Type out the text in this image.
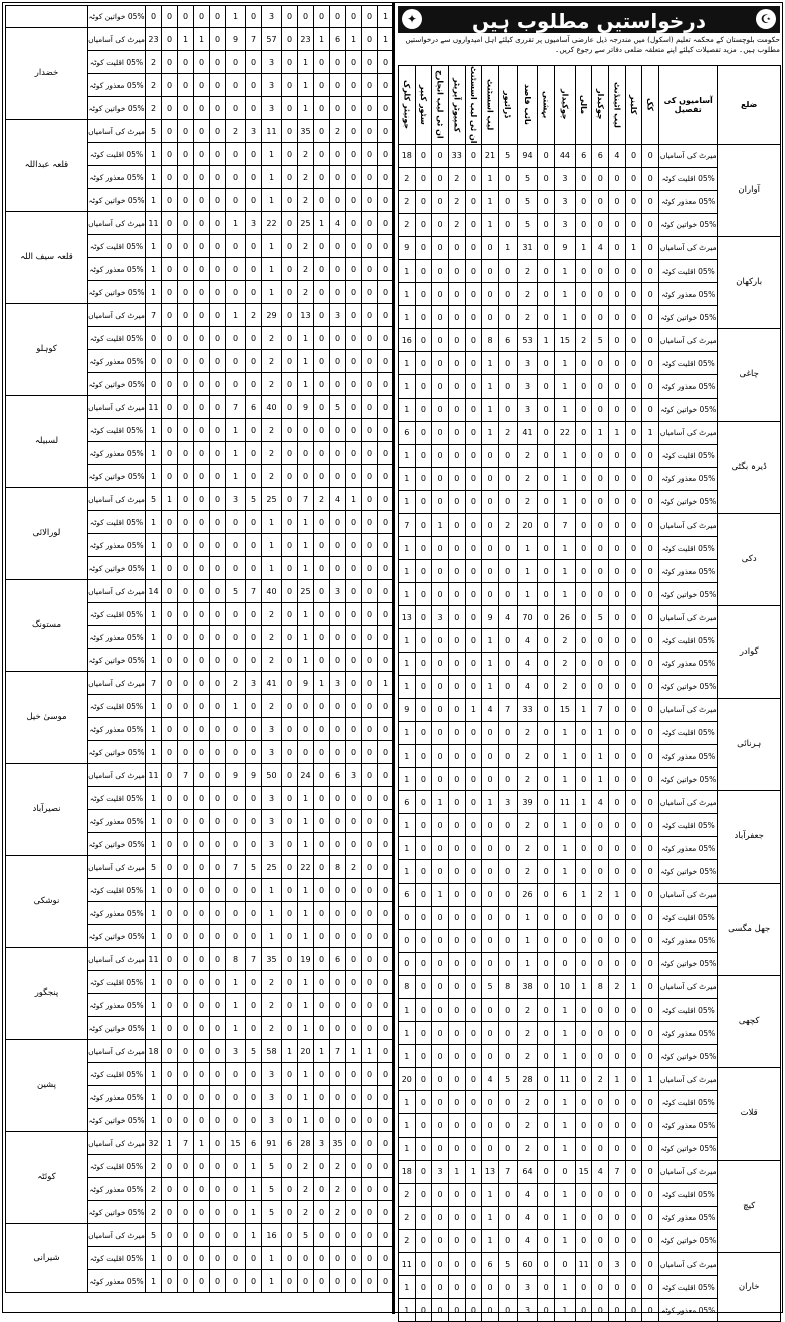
	05% خواتین کوٹہ	0	0	0	0	0	1	0	3	0	0	0	0	0	0	1
خضدار	میرٹ کی آسامیاں	23	0	1	1	0	9	7	57	0	23	1	6	1	0	1
	05% اقلیت کوٹہ	2	0	0	0	0	0	0	3	0	1	0	0	0	0	0
	05% معذور کوٹہ	2	0	0	0	0	0	0	3	0	1	0	0	0	0	0
	05% خواتین کوٹہ	2	0	0	0	0	0	0	3	0	1	0	0	0	0	0
قلعہ عبداللہ	میرٹ کی آسامیاں	5	0	0	0	0	2	3	11	0	35	0	2	0	0	0
	05% اقلیت کوٹہ	1	0	0	0	0	0	0	1	0	2	0	0	0	0	0
	05% معذور کوٹہ	1	0	0	0	0	0	0	1	0	2	0	0	0	0	0
	05% خواتین کوٹہ	1	0	0	0	0	0	0	1	0	2	0	0	0	0	0
قلعہ سیف اللہ	میرٹ کی آسامیاں	11	0	0	0	0	1	3	22	0	25	1	4	0	0	0
	05% اقلیت کوٹہ	1	0	0	0	0	0	0	1	0	2	0	0	0	0	0
	05% معذور کوٹہ	1	0	0	0	0	0	0	1	0	2	0	0	0	0	0
	05% خواتین کوٹہ	1	0	0	0	0	0	0	1	0	2	0	0	0	0	0
کوہلو	میرٹ کی آسامیاں	7	0	0	0	0	1	2	29	0	13	0	3	0	0	0
	05% اقلیت کوٹہ	0	0	0	0	0	0	0	2	0	1	0	0	0	0	0
	05% معذور کوٹہ	0	0	0	0	0	0	0	2	0	1	0	0	0	0	0
	05% خواتین کوٹہ	0	0	0	0	0	0	0	2	0	1	0	0	0	0	0
لسبیلہ	میرٹ کی آسامیاں	11	0	0	0	0	7	6	40	0	9	0	5	0	0	0
	05% اقلیت کوٹہ	1	0	0	0	0	1	0	2	0	0	0	0	0	0	0
	05% معذور کوٹہ	1	0	0	0	0	1	0	2	0	0	0	0	0	0	0
	05% خواتین کوٹہ	1	0	0	0	0	1	0	2	0	0	0	0	0	0	0
لورالائی	میرٹ کی آسامیاں	5	1	0	0	0	3	5	25	0	7	2	4	1	0	0
	05% اقلیت کوٹہ	1	0	0	0	0	0	0	1	0	1	0	0	0	0	0
	05% معذور کوٹہ	1	0	0	0	0	0	0	1	0	1	0	0	0	0	0
	05% خواتین کوٹہ	1	0	0	0	0	0	0	1	0	1	0	0	0	0	0
مستونگ	میرٹ کی آسامیاں	14	0	0	0	0	5	7	40	0	25	0	3	0	0	0
	05% اقلیت کوٹہ	1	0	0	0	0	0	0	2	0	1	0	0	0	0	0
	05% معذور کوٹہ	1	0	0	0	0	0	0	2	0	1	0	0	0	0	0
	05% خواتین کوٹہ	1	0	0	0	0	0	0	2	0	1	0	0	0	0	0
موسیٰ خیل	میرٹ کی آسامیاں	7	0	0	0	0	2	3	41	0	9	1	3	0	0	1
	05% اقلیت کوٹہ	1	0	0	0	0	1	0	2	0	0	0	0	0	0	0
	05% معذور کوٹہ	1	0	0	0	0	0	0	3	0	0	0	0	0	0	0
	05% خواتین کوٹہ	1	0	0	0	0	0	0	3	0	0	0	0	0	0	0
نصیرآباد	میرٹ کی آسامیاں	11	0	7	0	0	9	9	50	0	24	0	6	3	0	0
	05% اقلیت کوٹہ	1	0	0	0	0	0	0	3	0	1	0	0	0	0	0
	05% معذور کوٹہ	1	0	0	0	0	0	0	3	0	1	0	0	0	0	0
	05% خواتین کوٹہ	1	0	0	0	0	0	0	3	0	1	0	0	0	0	0
نوشکی	میرٹ کی آسامیاں	5	0	0	0	0	7	5	25	0	22	0	8	2	0	0
	05% اقلیت کوٹہ	1	0	0	0	0	0	0	1	0	1	0	0	0	0	0
	05% معذور کوٹہ	1	0	0	0	0	0	0	1	0	1	0	0	0	0	0
	05% خواتین کوٹہ	1	0	0	0	0	0	0	1	0	1	0	0	0	0	0
پنجگور	میرٹ کی آسامیاں	11	0	0	0	0	8	7	35	0	19	0	6	0	0	0
	05% اقلیت کوٹہ	1	0	0	0	0	1	0	2	0	1	0	0	0	0	0
	05% معذور کوٹہ	1	0	0	0	0	1	0	2	0	1	0	0	0	0	0
	05% خواتین کوٹہ	1	0	0	0	0	1	0	2	0	1	0	0	0	0	0
پشین	میرٹ کی آسامیاں	18	0	0	0	0	3	5	58	1	20	1	7	1	1	0
	05% اقلیت کوٹہ	1	0	0	0	0	0	0	3	0	1	0	0	0	0	0
	05% معذور کوٹہ	1	0	0	0	0	0	0	3	0	1	0	0	0	0	0
	05% خواتین کوٹہ	1	0	0	0	0	0	0	3	0	1	0	0	0	0	0
کوئٹہ	میرٹ کی آسامیاں	32	1	7	1	0	15	6	91	6	28	3	35	0	0	0
	05% اقلیت کوٹہ	2	0	0	0	0	0	1	5	0	2	0	2	0	0	0
	05% معذور کوٹہ	2	0	0	0	0	0	1	5	0	2	0	2	0	0	0
	05% خواتین کوٹہ	2	0	0	0	0	0	1	5	0	2	0	2	0	0	0
شیرانی	میرٹ کی آسامیاں	5	0	0	0	0	0	1	16	0	5	0	0	0	0	0
	05% اقلیت کوٹہ	1	0	0	0	0	0	0	1	0	0	0	0	0	0	0
	05% معذور کوٹہ	1	0	0	0	0	0	0	1	0	0	0	0	0	0	0
☪
درخواستیں مطلوب ہیں
✦
حکومت بلوچستان کے محکمہ تعلیم (اسکول) میں مندرجہ ذیل عارضی آسامیوں پر تقرری کیلئے اہل امیدواروں سے درخواستیں مطلوب ہیں۔ مزید تفصیلات کیلئے اپنے متعلقہ ضلعی دفاتر سے رجوع کریں۔
جونیئر کلرک	سٹور کیپر	ان ٹی لیب انچارج	کمپیوٹر آپریٹر	ان ٹی لیب اسسٹنٹ	لیب اسسٹنٹ	ڈرائیور	نائب قاصد	بہشتی	چوکیدار	مالی	چوکیدار	لیب اٹینڈنٹ	کلینر	کک	آسامیوں کی تفصیل	ضلع
18	0	0	33	0	21	5	94	0	44	6	6	4	0	0	میرٹ کی آسامیاں	آواران
2	0	0	2	0	1	0	5	0	3	0	0	0	0	0	05% اقلیت کوٹہ	
2	0	0	2	0	1	0	5	0	3	0	0	0	0	0	05% معذور کوٹہ	
2	0	0	2	0	1	0	5	0	3	0	0	0	0	0	05% خواتین کوٹہ	
9	0	0	0	0	0	1	31	0	9	1	4	0	1	0	میرٹ کی آسامیاں	بارکھان
1	0	0	0	0	0	0	2	0	1	0	0	0	0	0	05% اقلیت کوٹہ	
1	0	0	0	0	0	0	2	0	1	0	0	0	0	0	05% معذور کوٹہ	
1	0	0	0	0	0	0	2	0	1	0	0	0	0	0	05% خواتین کوٹہ	
16	0	0	0	0	8	6	53	1	15	2	5	0	0	0	میرٹ کی آسامیاں	چاغی
1	0	0	0	0	1	0	3	0	1	0	0	0	0	0	05% اقلیت کوٹہ	
1	0	0	0	0	1	0	3	0	1	0	0	0	0	0	05% معذور کوٹہ	
1	0	0	0	0	1	0	3	0	1	0	0	0	0	0	05% خواتین کوٹہ	
6	0	0	0	0	1	2	41	0	22	0	1	1	0	1	میرٹ کی آسامیاں	ڈیرہ بگٹی
1	0	0	0	0	0	0	2	0	1	0	0	0	0	0	05% اقلیت کوٹہ	
1	0	0	0	0	0	0	2	0	1	0	0	0	0	0	05% معذور کوٹہ	
1	0	0	0	0	0	0	2	0	1	0	0	0	0	0	05% خواتین کوٹہ	
7	0	1	0	0	0	2	20	0	7	0	0	0	0	0	میرٹ کی آسامیاں	دکی
1	0	0	0	0	0	0	1	0	1	0	0	0	0	0	05% اقلیت کوٹہ	
1	0	0	0	0	0	0	1	0	1	0	0	0	0	0	05% معذور کوٹہ	
1	0	0	0	0	0	0	1	0	1	0	0	0	0	0	05% خواتین کوٹہ	
13	0	3	0	0	9	4	70	0	26	0	5	0	0	0	میرٹ کی آسامیاں	گوادر
1	0	0	0	0	1	0	4	0	2	0	0	0	0	0	05% اقلیت کوٹہ	
1	0	0	0	0	1	0	4	0	2	0	0	0	0	0	05% معذور کوٹہ	
1	0	0	0	0	1	0	4	0	2	0	0	0	0	0	05% خواتین کوٹہ	
9	0	0	0	1	4	7	33	0	15	1	7	0	0	0	میرٹ کی آسامیاں	ہرنائی
1	0	0	0	0	0	0	2	0	1	0	1	0	0	0	05% اقلیت کوٹہ	
1	0	0	0	0	0	0	2	0	1	0	1	0	0	0	05% معذور کوٹہ	
1	0	0	0	0	0	0	2	0	1	0	1	0	0	0	05% خواتین کوٹہ	
6	0	1	0	0	1	3	39	0	11	1	4	0	0	0	میرٹ کی آسامیاں	جعفرآباد
1	0	0	0	0	0	0	2	0	1	0	0	0	0	0	05% اقلیت کوٹہ	
1	0	0	0	0	0	0	2	0	1	0	0	0	0	0	05% معذور کوٹہ	
1	0	0	0	0	0	0	2	0	1	0	0	0	0	0	05% خواتین کوٹہ	
6	0	1	0	0	0	0	26	0	6	1	2	1	0	0	میرٹ کی آسامیاں	جھل مگسی
0	0	0	0	0	0	0	1	0	0	0	0	0	0	0	05% اقلیت کوٹہ	
0	0	0	0	0	0	0	1	0	0	0	0	0	0	0	05% معذور کوٹہ	
0	0	0	0	0	0	0	1	0	0	0	0	0	0	0	05% خواتین کوٹہ	
8	0	0	0	0	5	8	38	0	10	1	8	2	1	0	میرٹ کی آسامیاں	کچھی
1	0	0	0	0	0	0	2	0	1	0	0	0	0	0	05% اقلیت کوٹہ	
1	0	0	0	0	0	0	2	0	1	0	0	0	0	0	05% معذور کوٹہ	
1	0	0	0	0	0	0	2	0	1	0	0	0	0	0	05% خواتین کوٹہ	
20	0	0	0	0	4	5	28	0	11	0	2	1	0	1	میرٹ کی آسامیاں	قلات
1	0	0	0	0	0	0	2	0	1	0	0	0	0	0	05% اقلیت کوٹہ	
1	0	0	0	0	0	0	2	0	1	0	0	0	0	0	05% معذور کوٹہ	
1	0	0	0	0	0	0	2	0	1	0	0	0	0	0	05% خواتین کوٹہ	
18	0	3	1	1	13	7	64	0	0	15	4	7	0	0	میرٹ کی آسامیاں	کیچ
2	0	0	0	0	1	0	4	0	1	0	0	0	0	0	05% اقلیت کوٹہ	
2	0	0	0	0	1	0	4	0	1	0	0	0	0	0	05% معذور کوٹہ	
2	0	0	0	0	1	0	4	0	1	0	0	0	0	0	05% خواتین کوٹہ	
11	0	0	0	0	6	5	60	0	0	11	0	3	0	0	میرٹ کی آسامیاں	خاران
1	0	0	0	0	0	0	3	0	1	0	0	0	0	0	05% اقلیت کوٹہ	
1	0	0	0	0	0	0	3	0	1	0	0	0	0	0	05% معذور کوٹہ	
